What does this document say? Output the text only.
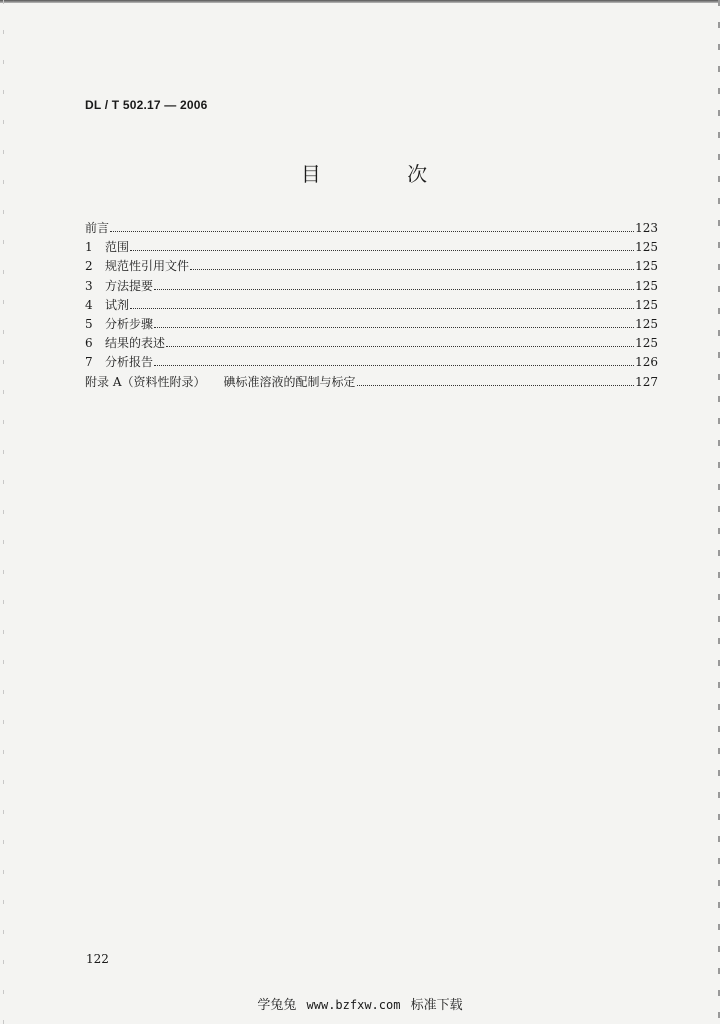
DL / T 502.17 — 2006
目 次
前言	123
1	范围	125
2	规范性引用文件	125
3	方法提要	125
4	试剂	125
5	分析步骤	125
6	结果的表述	125
7	分析报告	126
附录 A（资料性附录） 碘标准溶液的配制与标定	127
122
学兔兔 www.bzfxw.com 标准下载
